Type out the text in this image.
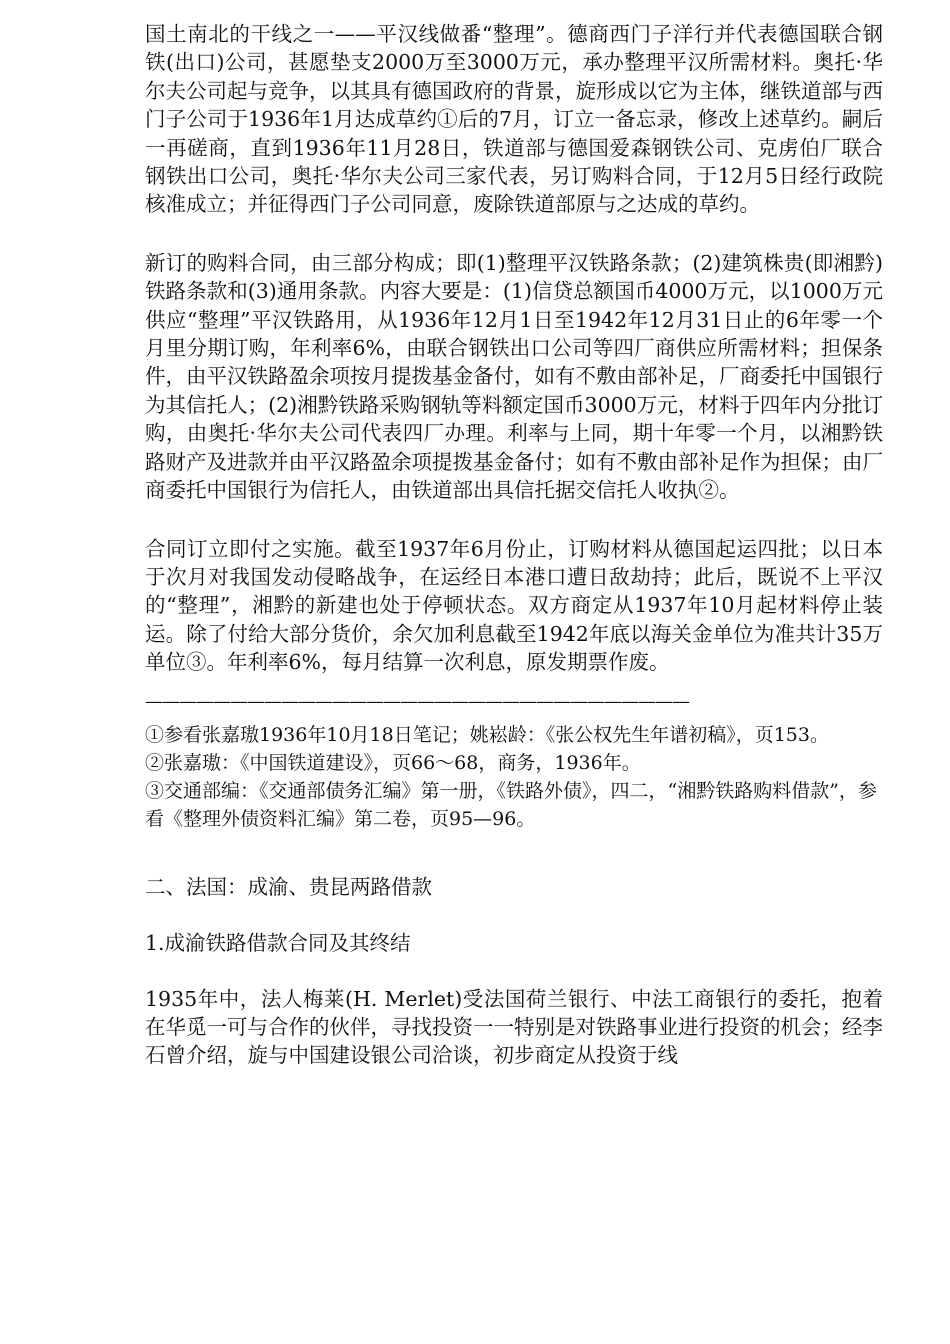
国土南北的干线之一——平汉线做番“整理”。德商西门子洋行并代表德国联合钢铁(出口)公司，甚愿垫支2000万至3000万元，承办整理平汉所需材料。奥托·华尔夫公司起与竞争，以其具有德国政府的背景，旋形成以它为主体，继铁道部与西门子公司于1936年1月达成草约①后的7月，订立一备忘录，修改上述草约。嗣后一再磋商，直到1936年11月28日，铁道部与德国爱森钢铁公司、克虏伯厂联合钢铁出口公司，奥托·华尔夫公司三家代表，另订购料合同，于12月5日经行政院核准成立；并征得西门子公司同意，废除铁道部原与之达成的草约。

新订的购料合同，由三部分构成；即(1)整理平汉铁路条款；(2)建筑株贵(即湘黔)铁路条款和(3)通用条款。内容大要是：(1)信贷总额国币4000万元，以1000万元供应“整理”平汉铁路用，从1936年12月1日至1942年12月31日止的6年零一个月里分期订购，年利率6%，由联合钢铁出口公司等四厂商供应所需材料；担保条件，由平汉铁路盈余项按月提拨基金备付，如有不敷由部补足，厂商委托中国银行为其信托人；(2)湘黔铁路采购钢轨等料额定国币3000万元，材料于四年内分批订购，由奥托·华尔夫公司代表四厂办理。利率与上同，期十年零一个月，以湘黔铁路财产及进款并由平汉路盈余项提拨基金备付；如有不敷由部补足作为担保；由厂商委托中国银行为信托人，由铁道部出具信托据交信托人收执②。

合同订立即付之实施。截至1937年6月份止，订购材料从德国起运四批；以日本于次月对我国发动侵略战争，在运经日本港口遭日敌劫持；此后，既说不上平汉的“整理”，湘黔的新建也处于停顿状态。双方商定从1937年10月起材料停止装运。除了付给大部分货价，余欠加利息截至1942年底以海关金单位为准共计35万单位③。年利率6%，每月结算一次利息，原发期票作废。

————————————————————————————————

①参看张嘉璈1936年10月18日笔记；姚崧龄：《张公权先生年谱初稿》，页153。

②张嘉璈：《中国铁道建设》，页66～68，商务，1936年。

③交通部编：《交通部债务汇编》第一册，《铁路外债》，四二，“湘黔铁路购料借款”，参看《整理外债资料汇编》第二卷，页95—96。

二、法国：成渝、贵昆两路借款

1.成渝铁路借款合同及其终结

1935年中，法人梅莱(H. Merlet)受法国荷兰银行、中法工商银行的委托，抱着在华觅一可与合作的伙伴，寻找投资一一特别是对铁路事业进行投资的机会；经李石曾介绍，旋与中国建设银公司洽谈，初步商定从投资于线
